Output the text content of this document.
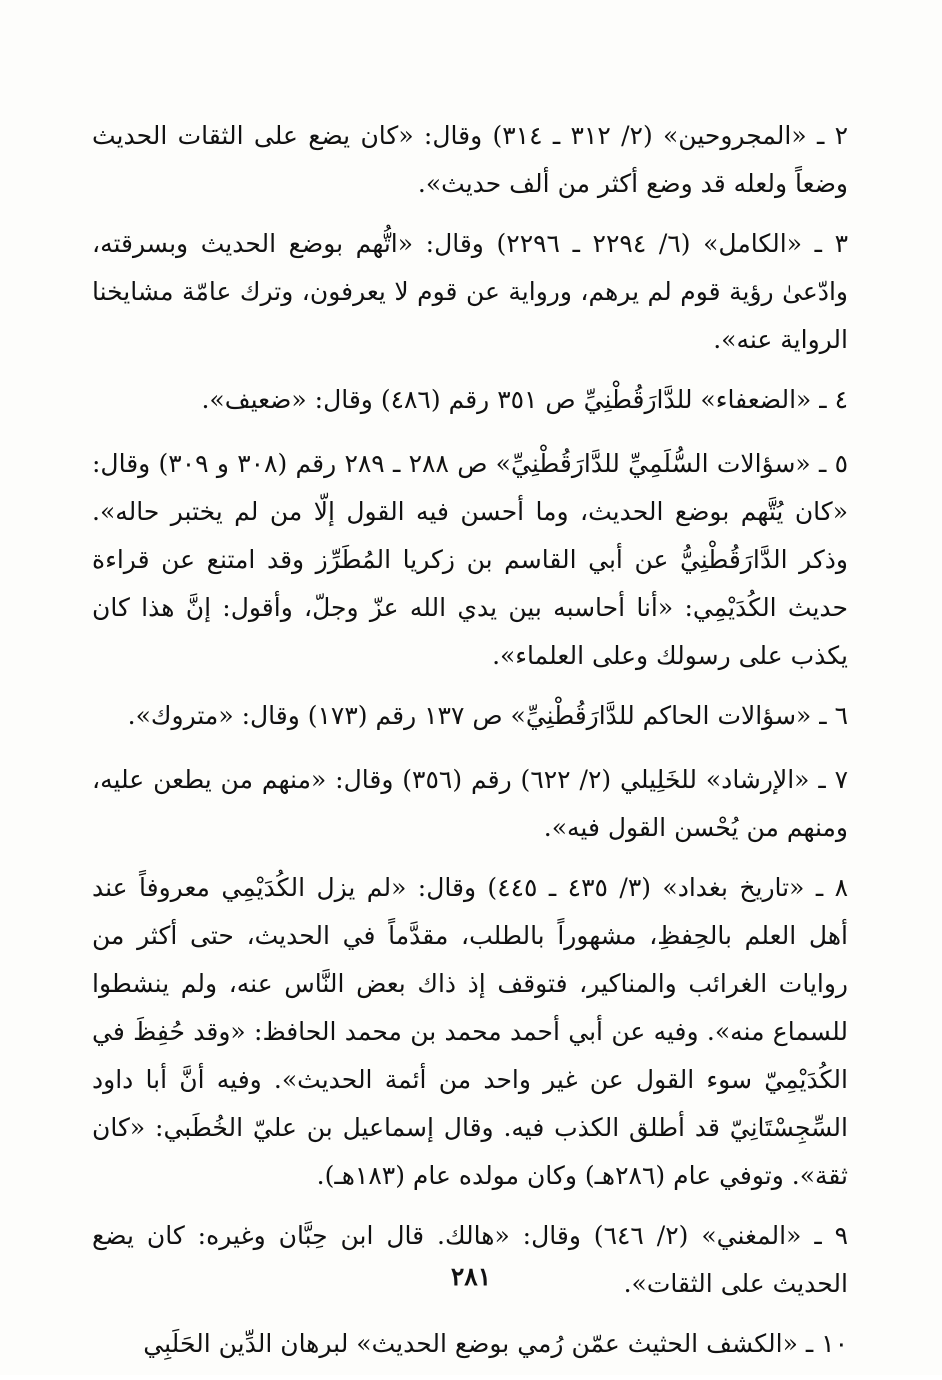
٢ ـ «المجروحين» (٢/ ٣١٢ ـ ٣١٤) وقال: «كان يضع على الثقات الحديث وضعاً ولعله قد وضع أكثر من ألف حديث».

٣ ـ «الكامل» (٦/ ٢٢٩٤ ـ ٢٢٩٦) وقال: «اتُّهم بوضع الحديث وبسرقته، وادّعىٰ رؤية قوم لم يرهم، ورواية عن قوم لا يعرفون، وترك عامّة مشايخنا الرواية عنه».

٤ ـ «الضعفاء» للدَّارَقُطْنِيِّ ص ٣٥١ رقم (٤٨٦) وقال: «ضعيف».

٥ ـ «سؤالات السُّلَمِيِّ للدَّارَقُطْنِيِّ» ص ٢٨٨ ـ ٢٨٩ رقم (٣٠٨ و ٣٠٩) وقال: «كان يُتَّهم بوضع الحديث، وما أحسن فيه القول إلّا من لم يختبر حاله». وذكر الدَّارَقُطْنِيُّ عن أبي القاسم بن زكريا المُطَرِّز وقد امتنع عن قراءة حديث الكُدَيْمِي: «أنا أحاسبه بين يدي الله عزّ وجلّ، وأقول: إنَّ هذا كان يكذب على رسولك وعلى العلماء».

٦ ـ «سؤالات الحاكم للدَّارَقُطْنِيِّ» ص ١٣٧ رقم (١٧٣) وقال: «متروك».

٧ ـ «الإرشاد» للخَلِيلي (٢/ ٦٢٢) رقم (٣٥٦) وقال: «منهم من يطعن عليه، ومنهم من يُحْسن القول فيه».

٨ ـ «تاريخ بغداد» (٣/ ٤٣٥ ـ ٤٤٥) وقال: «لم يزل الكُدَيْمِي معروفاً عند أهل العلم بالحِفظِ، مشهوراً بالطلب، مقدَّماً في الحديث، حتى أكثر من روايات الغرائب والمناكير، فتوقف إذ ذاك بعض النَّاس عنه، ولم ينشطوا للسماع منه». وفيه عن أبي أحمد محمد بن محمد الحافظ: «وقد حُفِظَ في الكُدَيْمِيّ سوء القول عن غير واحد من أئمة الحديث». وفيه أنَّ أبا داود السِّجِسْتَانِيّ قد أطلق الكذب فيه. وقال إسماعيل بن عليّ الخُطَبي: «كان ثقة». وتوفي عام (٢٨٦هـ) وكان مولده عام (١٨٣هـ).

٩ ـ «المغني» (٢/ ٦٤٦) وقال: «هالك. قال ابن حِبَّان وغيره: كان يضع الحديث على الثقات».

١٠ ـ «الكشف الحثيث عمّن رُمي بوضع الحديث» لبرهان الدِّين الحَلَبِي

٢٨١
